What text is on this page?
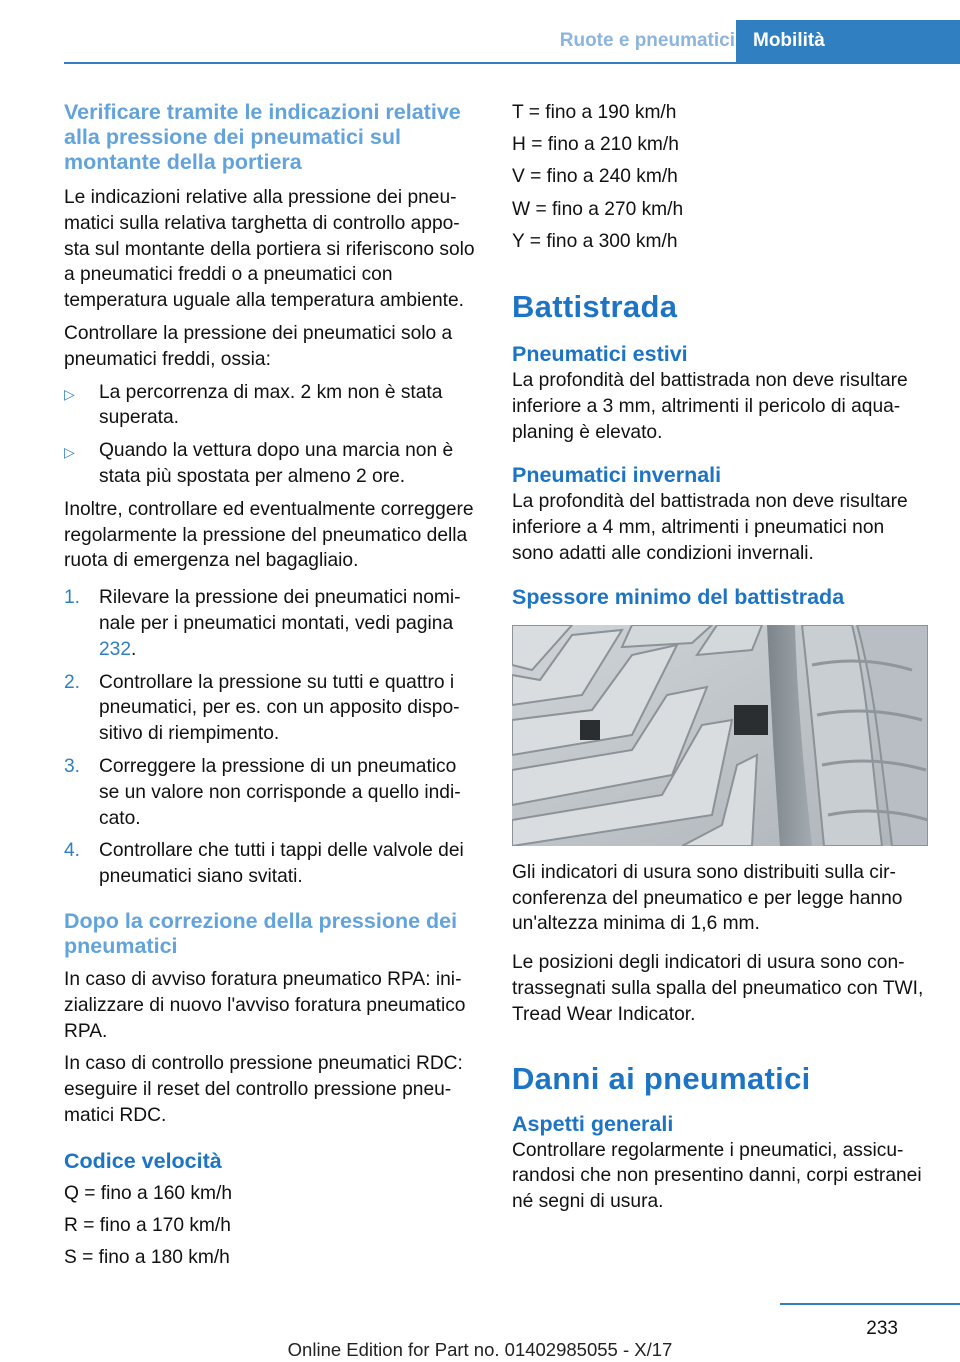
Ruote e pneumatici Mobilità
Verificare tramite le indicazioni relative alla pressione dei pneumatici sul montante della portiera

Le indicazioni relative alla pressione dei pneumatici sulla relativa targhetta di controllo apposta sul montante della portiera si riferiscono solo a pneumatici freddi o a pneumatici con temperatura uguale alla temperatura ambiente.

Controllare la pressione dei pneumatici solo a pneumatici freddi, ossia:

▷	La percorrenza di max. 2 km non è stata superata.
▷	Quando la vettura dopo una marcia non è stata più spostata per almeno 2 ore.

Inoltre, controllare ed eventualmente correggere regolarmente la pressione del pneumatico della ruota di emergenza nel bagagliaio.

1. Rilevare la pressione dei pneumatici nominale per i pneumatici montati, vedi pagina 232.
2. Controllare la pressione su tutti e quattro i pneumatici, per es. con un apposito dispositivo di riempimento.
3. Correggere la pressione di un pneumatico se un valore non corrisponde a quello indicato.
4. Controllare che tutti i tappi delle valvole dei pneumatici siano svitati.
Dopo la correzione della pressione dei pneumatici

In caso di avviso foratura pneumatico RPA: inizializzare di nuovo l'avviso foratura pneumatico RPA.

In caso di controllo pressione pneumatici RDC: eseguire il reset del controllo pressione pneumatici RDC.

Codice velocità
Q = fino a 160 km/h
R = fino a 170 km/h
S = fino a 180 km/h
T = fino a 190 km/h
H = fino a 210 km/h
V = fino a 240 km/h
W = fino a 270 km/h
Y = fino a 300 km/h
Battistrada
Pneumatici estivi

La profondità del battistrada non deve risultare inferiore a 3 mm, altrimenti il pericolo di aquaplaning è elevato.

Pneumatici invernali

La profondità del battistrada non deve risultare inferiore a 4 mm, altrimenti i pneumatici non sono adatti alle condizioni invernali.

Spessore minimo del battistrada

Gli indicatori di usura sono distribuiti sulla circonferenza del pneumatico e per legge hanno un'altezza minima di 1,6 mm.

Le posizioni degli indicatori di usura sono contrassegnati sulla spalla del pneumatico con TWI, Tread Wear Indicator.

Danni ai pneumatici
Aspetti generali

Controllare regolarmente i pneumatici, assicurandosi che non presentino danni, corpi estranei né segni di usura.

233
Online Edition for Part no. 01402985055 - X/17
